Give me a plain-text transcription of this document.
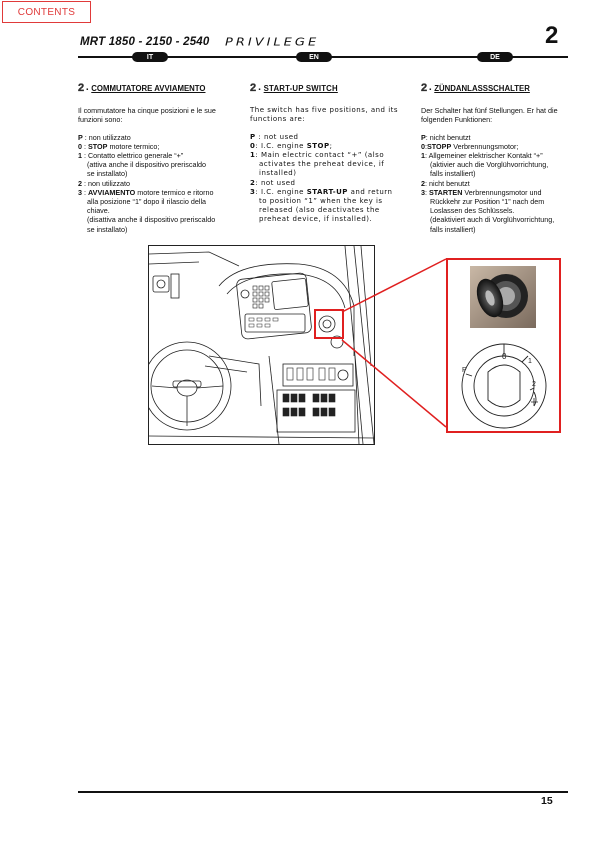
CONTENTS
MRT 1850 - 2150 - 2540 PRIVILEGE	2
IT	EN	DE
2 ▪ COMMUTATORE AVVIAMENTO
Il commutatore ha cinque posizioni e le sue funzioni sono:
P : non utilizzato
0 : STOP motore termico;
1 : Contatto elettrico generale “+”
(attiva anche il dispositivo preriscaldo
se installato)
2 : non utilizzato
3 : AVVIAMENTO motore termico e ritorno
alla posizione “1” dopo il rilascio della chiave.
(disattiva anche il dispositivo preriscaldo
se installato)
2 ▪ START-UP SWITCH
The switch has five positions, and its functions are:
P : not used
0: I.C. engine STOP;
1: Main electric contact “+” (also
activates the preheat device, if
installed)
2: not used
3: I.C. engine START-UP and return
to position “1” when the key is
released (also deactivates the
preheat device, if installed).
2 ▪ ZÜNDANLASSSCHALTER
Der Schalter hat fünf Stellungen. Er hat die folgenden Funktionen:
P: nicht benutzt
0:STOPP Verbrennungsmotor;
1: Allgemeiner elektrischer Kontakt “+”
(aktivier auch die Vorglühvorrichtung,
falls installiert)
2: nicht benutzt
3: STARTEN Verbrennungsmotor und
Rückkehr zur Position “1” nach dem
Loslassen des Schlüssels.
(deaktiviert auch di Vorglühvorrichtung,
falls installiert)
0
1
2
P
15
